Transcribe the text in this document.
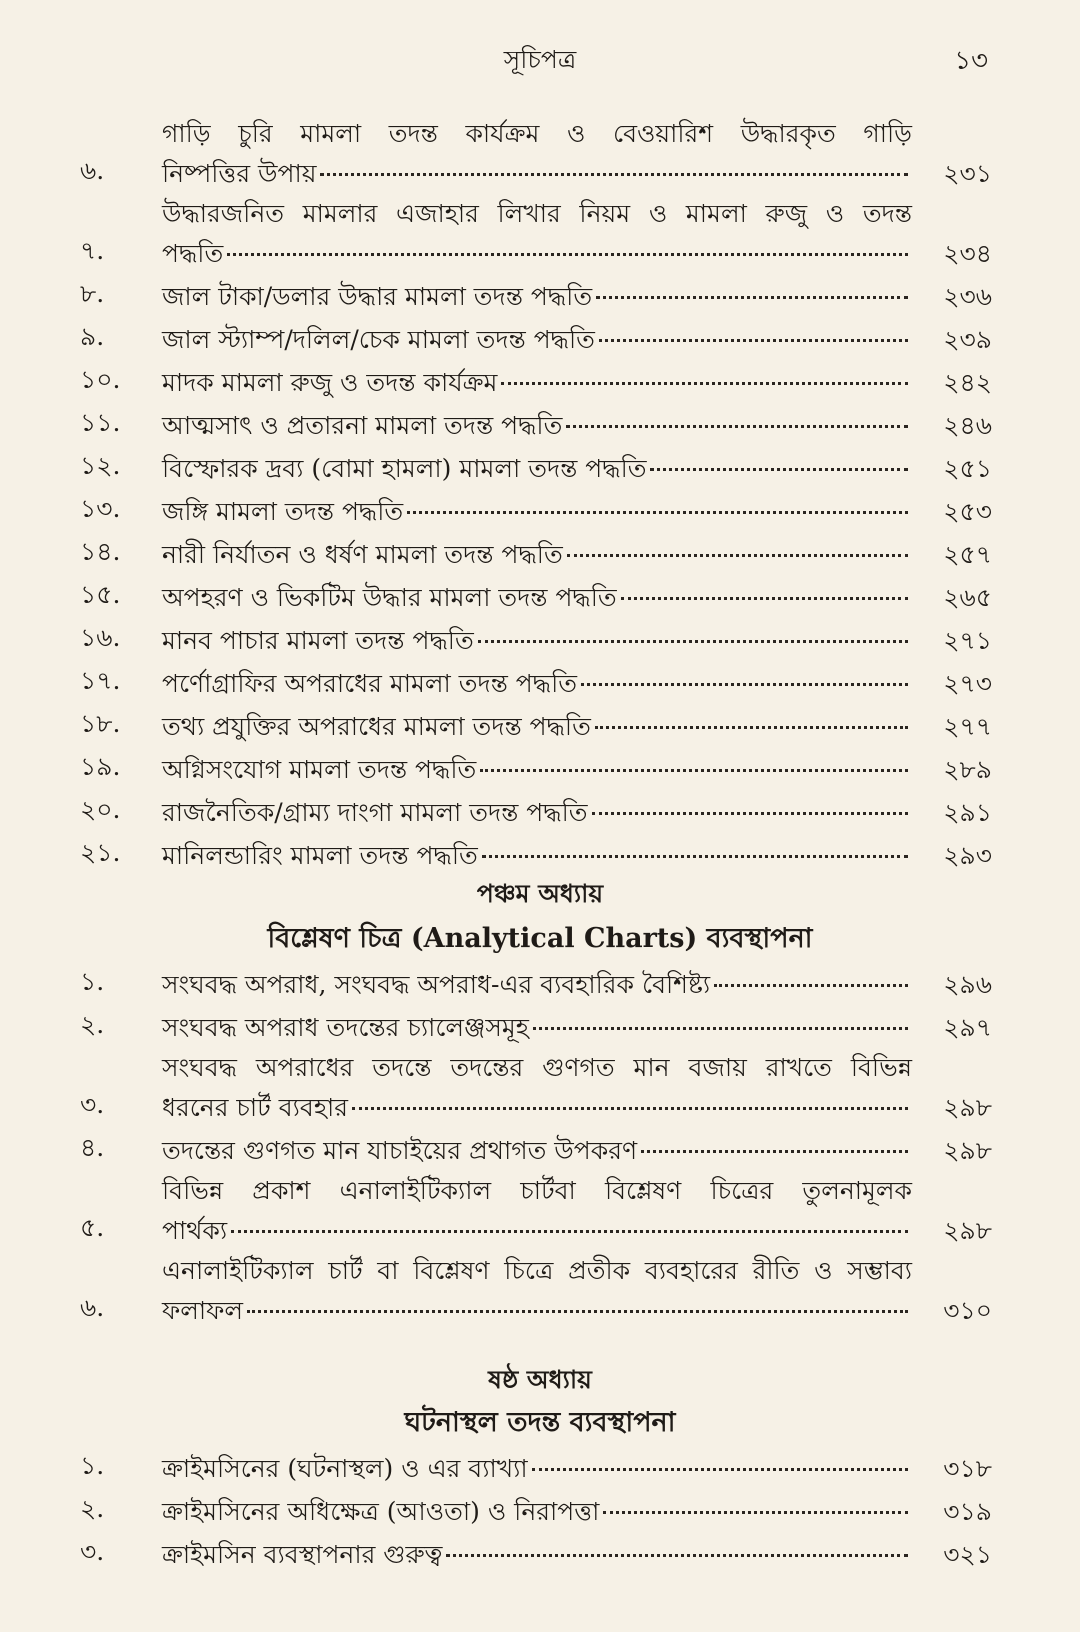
সূচিপত্র	১৩
৬.
গাড়ি চুরি মামলা তদন্ত কার্যক্রম ও বেওয়ারিশ উদ্ধারকৃত গাড়ি
নিষ্পত্তির উপায়	২৩১
৭.
উদ্ধারজনিত মামলার এজাহার লিখার নিয়ম ও মামলা রুজু ও তদন্ত
পদ্ধতি	২৩৪
৮.	জাল টাকা/ডলার উদ্ধার মামলা তদন্ত পদ্ধতি	২৩৬
৯.	জাল স্ট্যাম্প/দলিল/চেক মামলা তদন্ত পদ্ধতি	২৩৯
১০.	মাদক মামলা রুজু ও তদন্ত কার্যক্রম	২৪২
১১.	আত্মসাৎ ও প্রতারনা মামলা তদন্ত পদ্ধতি	২৪৬
১২.	বিস্ফোরক দ্রব্য (বোমা হামলা) মামলা তদন্ত পদ্ধতি	২৫১
১৩.	জঙ্গি মামলা তদন্ত পদ্ধতি	২৫৩
১৪.	নারী নির্যাতন ও ধর্ষণ মামলা তদন্ত পদ্ধতি	২৫৭
১৫.	অপহরণ ও ভিকটিম উদ্ধার মামলা তদন্ত পদ্ধতি	২৬৫
১৬.	মানব পাচার মামলা তদন্ত পদ্ধতি	২৭১
১৭.	পর্ণোগ্রাফির অপরাধের মামলা তদন্ত পদ্ধতি	২৭৩
১৮.	তথ্য প্রযুক্তির অপরাধের মামলা তদন্ত পদ্ধতি	২৭৭
১৯.	অগ্নিসংযোগ মামলা তদন্ত পদ্ধতি	২৮৯
২০.	রাজনৈতিক/গ্রাম্য দাংগা মামলা তদন্ত পদ্ধতি	২৯১
২১.	মানিলন্ডারিং মামলা তদন্ত পদ্ধতি	২৯৩
পঞ্চম অধ্যায়
বিশ্লেষণ চিত্র (Analytical Charts) ব্যবস্থাপনা
১.	সংঘবদ্ধ অপরাধ, সংঘবদ্ধ অপরাধ-এর ব্যবহারিক বৈশিষ্ট্য	২৯৬
২.	সংঘবদ্ধ অপরাধ তদন্তের চ্যালেঞ্জসমূহ	২৯৭
৩.
সংঘবদ্ধ অপরাধের তদন্তে তদন্তের গুণগত মান বজায় রাখতে বিভিন্ন
ধরনের চার্ট ব্যবহার	২৯৮
৪.	তদন্তের গুণগত মান যাচাইয়ের প্রথাগত উপকরণ	২৯৮
৫.
বিভিন্ন প্রকাশ এনালাইটিক্যাল চার্টবা বিশ্লেষণ চিত্রের তুলনামূলক
পার্থক্য	২৯৮
৬.
এনালাইটিক্যাল চার্ট বা বিশ্লেষণ চিত্রে প্রতীক ব্যবহারের রীতি ও সম্ভাব্য
ফলাফল	৩১০
ষষ্ঠ অধ্যায়
ঘটনাস্থল তদন্ত ব্যবস্থাপনা
১.	ক্রাইমসিনের (ঘটনাস্থল) ও এর ব্যাখ্যা	৩১৮
২.	ক্রাইমসিনের অধিক্ষেত্র (আওতা) ও নিরাপত্তা	৩১৯
৩.	ক্রাইমসিন ব্যবস্থাপনার গুরুত্ব	৩২১
